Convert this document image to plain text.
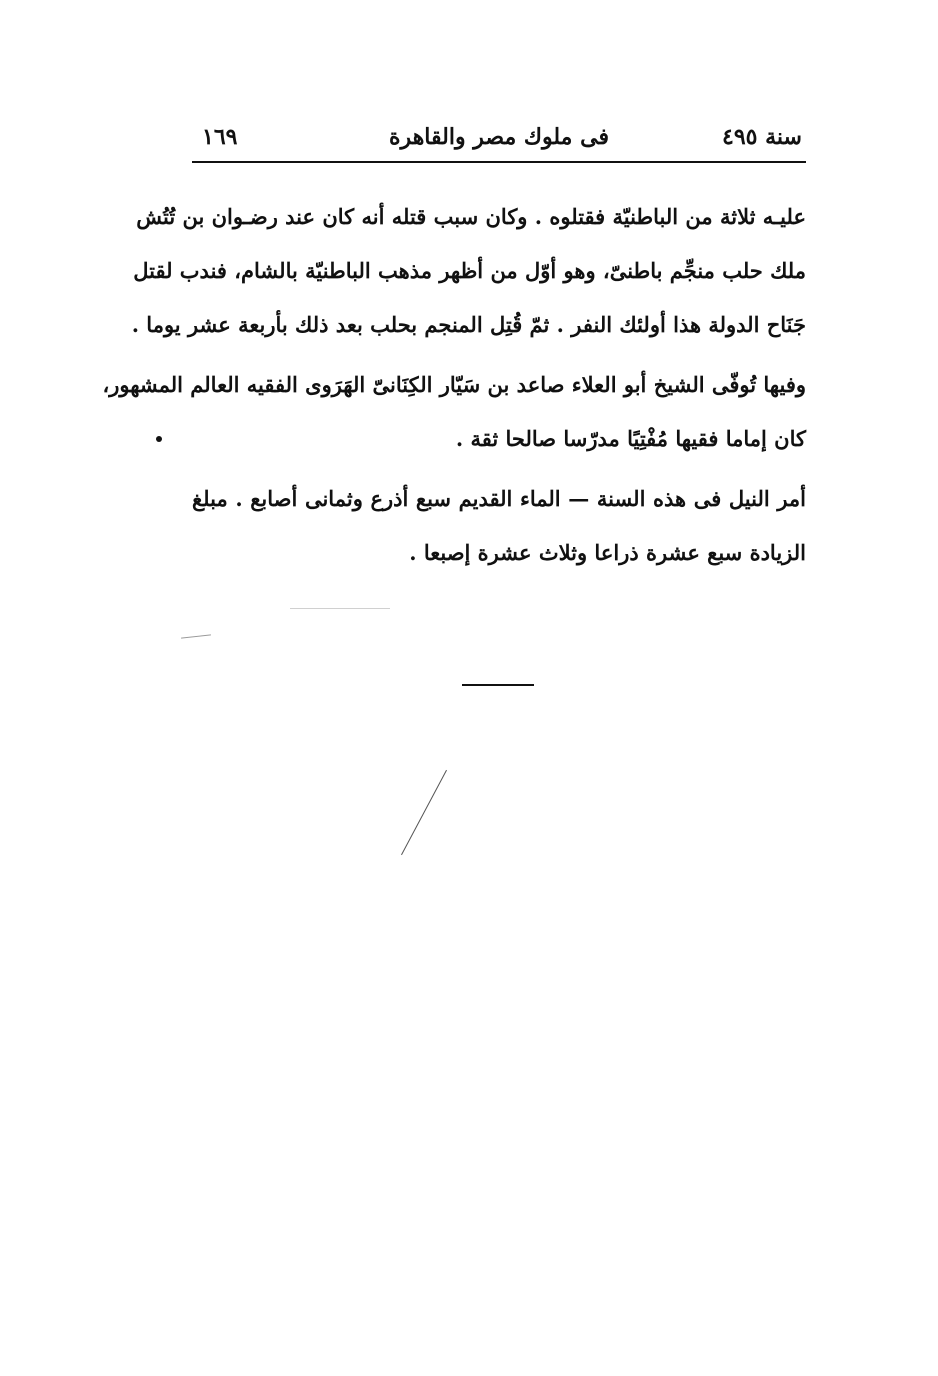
سنة ٤٩٥
فى ملوك مصر والقاهرة
١٦٩
عليـه ثلاثة من الباطنيّة فقتلوه . وكان سبب قتله أنه كان عند رضـوان بن تُتُش
ملك حلب منجِّم باطنىّ، وهو أوّل من أظهر مذهب الباطنيّة بالشام، فندب لقتل
جَنَاح الدولة هذا أولئك النفر . ثمّ قُتِل المنجم بحلب بعد ذلك بأربعة عشر يوما .
وفيها تُوفّى الشيخ أبو العلاء صاعد بن سَيّار الكِنَانىّ الهَرَوى الفقيه العالم المشهور،
كان إماما فقيها مُفْتِيًا مدرّسا صالحا ثقة .
أمر النيل فى هذه السنة — الماء القديم سبع أذرع وثمانى أصابع . مبلغ
الزيادة سبع عشرة ذراعا وثلاث عشرة إصبعا .
